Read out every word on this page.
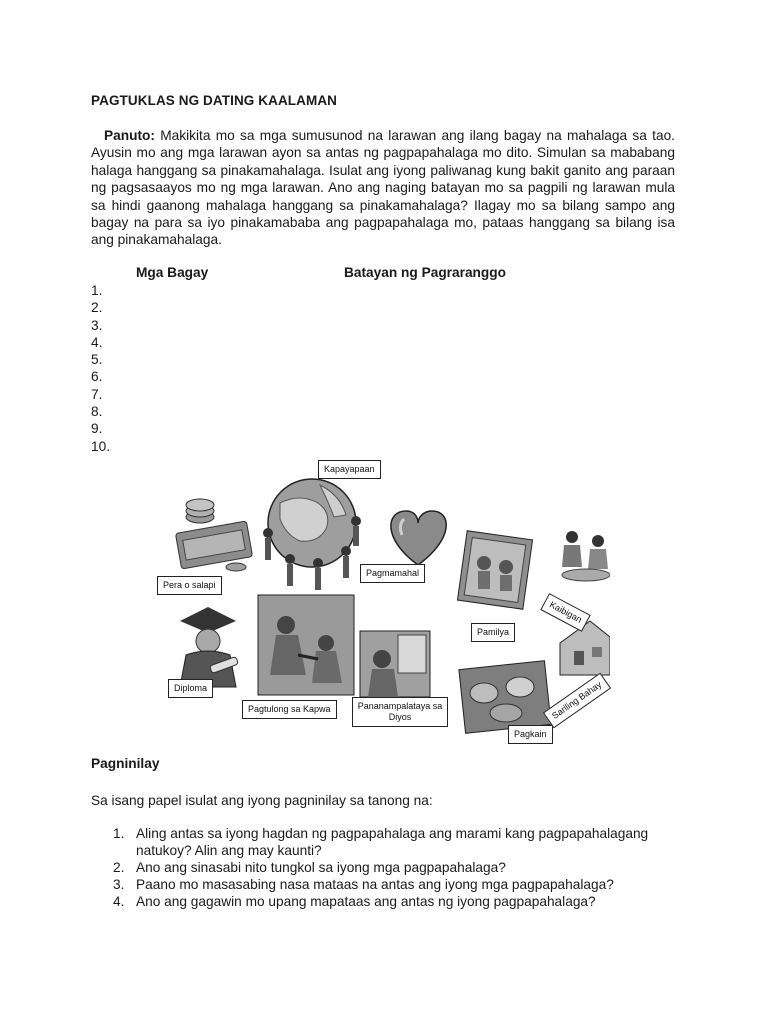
PAGTUKLAS NG DATING KAALAMAN
Panuto: Makikita mo sa mga sumusunod na larawan ang ilang bagay na mahalaga sa tao. Ayusin mo ang mga larawan ayon sa antas ng pagpapahalaga mo dito. Simulan sa mababang halaga hanggang sa pinakamahalaga. Isulat ang iyong paliwanag kung bakit ganito ang paraan ng pagsasaayos mo ng mga larawan. Ano ang naging batayan mo sa pagpili ng larawan mula sa hindi gaanong mahalaga hanggang sa pinakamahalaga? Ilagay mo sa bilang sampo ang bagay na para sa iyo pinakamababa ang pagpapahalaga mo, pataas hanggang sa bilang isa ang pinakamahalaga.
Mga Bagay	Batayan ng Pagraranggo
1.
2.
3.
4.
5.
6.
7.
8.
9.
10.
Kapayapaan
Pera o salapi
Pagmamahal
Pamilya
Kaibigan
Diploma
Pagtulong sa Kapwa	Pananampalataya sa Diyos
Pagkain
Sariling Bahay
Pagninilay
Sa isang papel isulat ang iyong pagninilay sa tanong na:
1. Aling antas sa iyong hagdan ng pagpapahalaga ang marami kang pagpapahalagang natukoy? Alin ang may kaunti?
2. Ano ang sinasabi nito tungkol sa iyong mga pagpapahalaga?
3. Paano mo masasabing nasa mataas na antas ang iyong mga pagpapahalaga?
4. Ano ang gagawin mo upang mapataas ang antas ng iyong pagpapahalaga?
